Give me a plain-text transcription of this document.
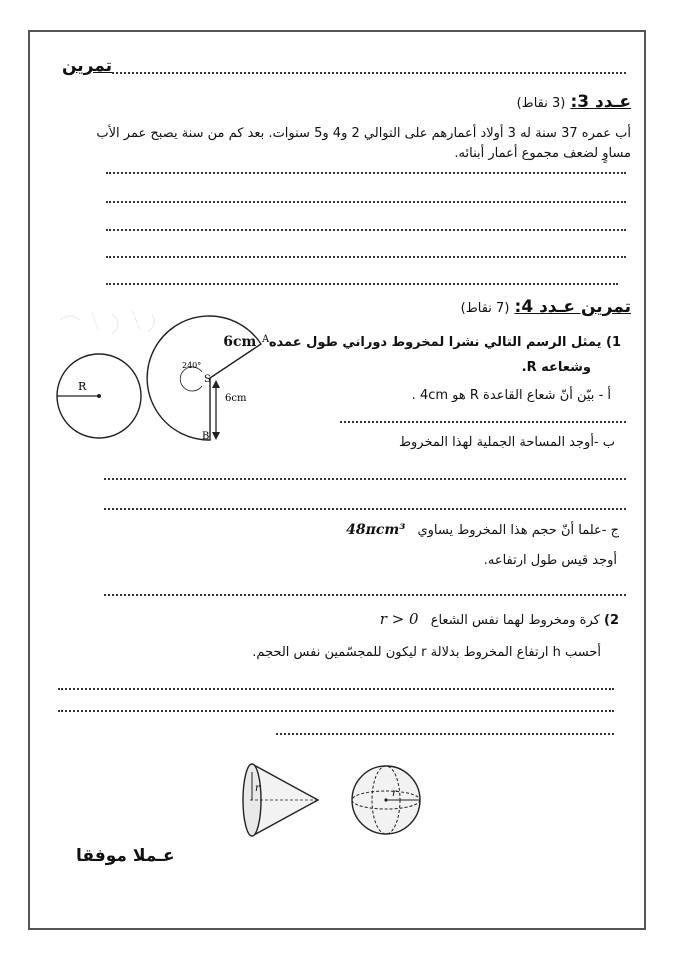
تمرين
عـدد 3: (3 نقاط)
أب عمره 37 سنة له 3 أولاد أعمارهم على التوالي 2 و4 و5 سنوات. بعد كم من سنة يصبح عمر الأب
مساوٍ لضعف مجموع أعمار أبنائه.
تمرين عـدد 4: (7 نقاط)
1) يمثل الرسم التالي نشرا لمخروط دوراني طول عمده 6cm
وشعاعه R.
أ - بيّن أنّ شعاع القاعدة R هو 4cm .
ب -أوجد المساحة الجملية لهذا المخروط
ج -علما أنّ حجم هذا المخروط يساوي 48πcm³
أوجد قيس طول ارتفاعه.
2) كرة ومخروط لهما نفس الشعاع r > 0
أحسب h ارتفاع المخروط بدلالة r ليكون للمجسّمين نفس الحجم.
R
240°
A
S
B
6cm
r	r
عـملا موفقا
